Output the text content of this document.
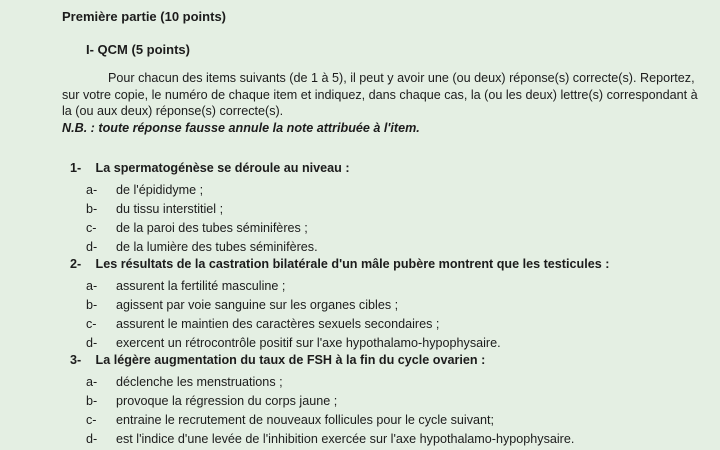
Première partie (10 points)
I- QCM (5 points)

Pour chacun des items suivants (de 1 à 5), il peut y avoir une (ou deux) réponse(s) correcte(s). Reportez, sur votre copie, le numéro de chaque item et indiquez, dans chaque cas, la (ou les deux) lettre(s) correspondant à la (ou aux deux) réponse(s) correcte(s).

N.B. : toute réponse fausse annule la note attribuée à l'item.
1- La spermatogénèse se déroule au niveau :
a- de l'épididyme ;
b- du tissu interstitiel ;
c- de la paroi des tubes séminifères ;
d- de la lumière des tubes séminifères.
2- Les résultats de la castration bilatérale d'un mâle pubère montrent que les testicules :
a- assurent la fertilité masculine ;
b- agissent par voie sanguine sur les organes cibles ;
c- assurent le maintien des caractères sexuels secondaires ;
d- exercent un rétrocontrôle positif sur l'axe hypothalamo-hypophysaire.
3- La légère augmentation du taux de FSH à la fin du cycle ovarien :
a- déclenche les menstruations ;
b- provoque la régression du corps jaune ;
c- entraine le recrutement de nouveaux follicules pour le cycle suivant;
d- est l'indice d'une levée de l'inhibition exercée sur l'axe hypothalamo-hypophysaire.
